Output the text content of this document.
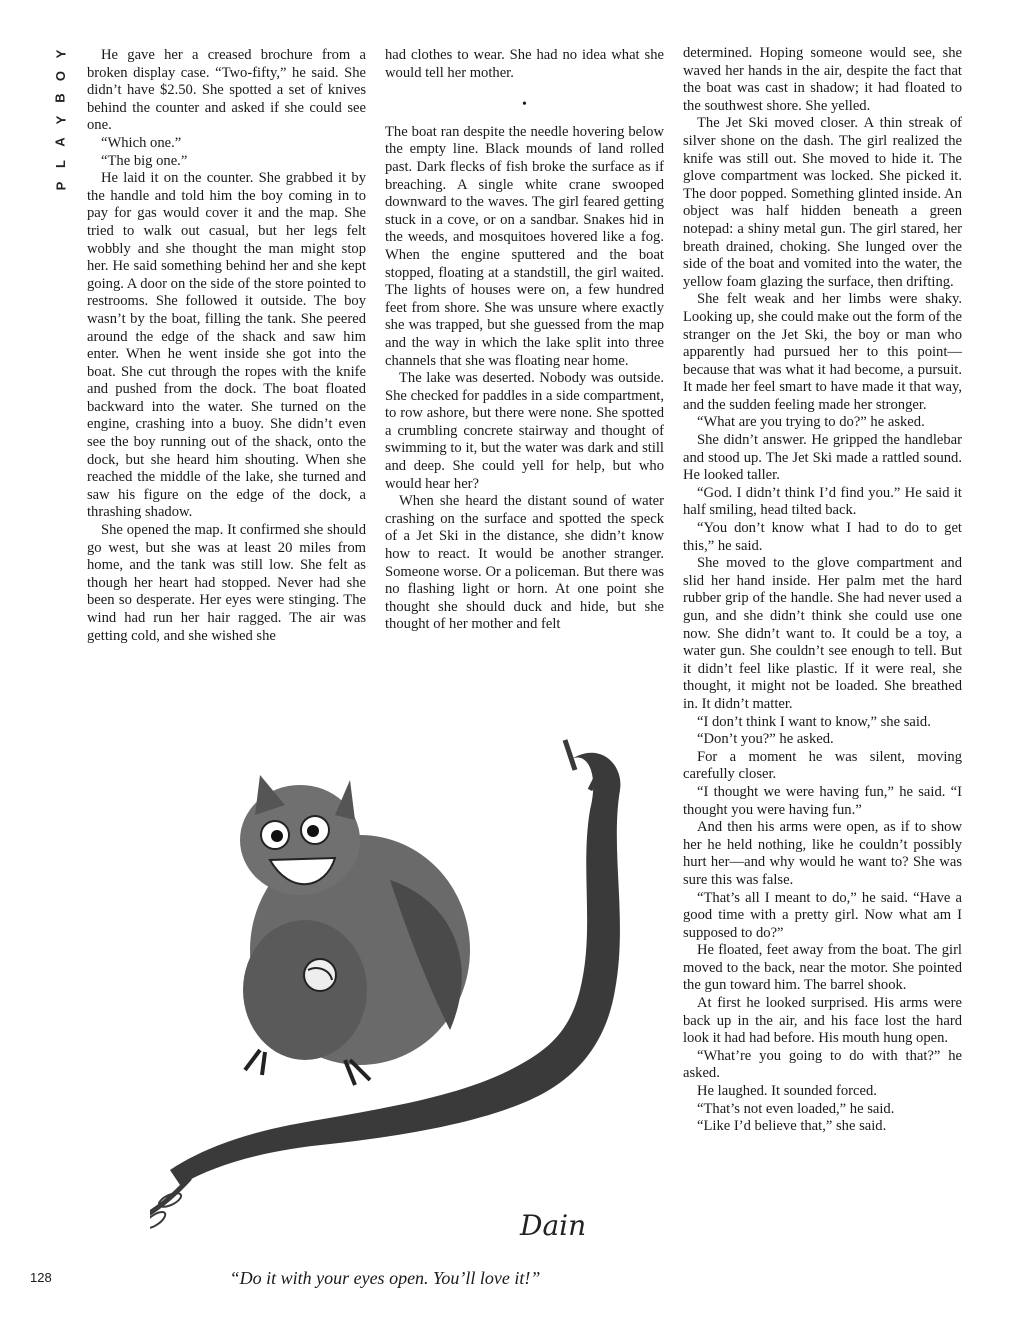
Y
O
B
Y
A
L
P

He gave her a creased brochure from a broken display case. “Two-fifty,” he said. She didn’t have $2.50. She spotted a set of knives behind the counter and asked if she could see one.

“Which one.”

“The big one.”

He laid it on the counter. She grabbed it by the handle and told him the boy coming in to pay for gas would cover it and the map. She tried to walk out casual, but her legs felt wobbly and she thought the man might stop her. He said something behind her and she kept going. A door on the side of the store pointed to restrooms. She followed it outside. The boy wasn’t by the boat, filling the tank. She peered around the edge of the shack and saw him enter. When he went inside she got into the boat. She cut through the ropes with the knife and pushed from the dock. The boat floated backward into the water. She turned on the engine, crashing into a buoy. She didn’t even see the boy running out of the shack, onto the dock, but she heard him shouting. When she reached the middle of the lake, she turned and saw his figure on the edge of the dock, a thrashing shadow.

She opened the map. It confirmed she should go west, but she was at least 20 miles from home, and the tank was still low. She felt as though her heart had stopped. Never had she been so desperate. Her eyes were stinging. The wind had run her hair ragged. The air was getting cold, and she wished she

had clothes to wear. She had no idea what she would tell her mother.

•

The boat ran despite the needle hovering below the empty line. Black mounds of land rolled past. Dark flecks of fish broke the surface as if breaching. A single white crane swooped downward to the waves. The girl feared getting stuck in a cove, or on a sandbar. Snakes hid in the weeds, and mosquitoes hovered like a fog. When the engine sputtered and the boat stopped, floating at a standstill, the girl waited. The lights of houses were on, a few hundred feet from shore. She was unsure where exactly she was trapped, but she guessed from the map and the way in which the lake split into three channels that she was floating near home.

The lake was deserted. Nobody was outside. She checked for paddles in a side compartment, to row ashore, but there were none. She spotted a crumbling concrete stairway and thought of swimming to it, but the water was dark and still and deep. She could yell for help, but who would hear her?

When she heard the distant sound of water crashing on the surface and spotted the speck of a Jet Ski in the distance, she didn’t know how to react. It would be another stranger. Someone worse. Or a policeman. But there was no flashing light or horn. At one point she thought she should duck and hide, but she thought of her mother and felt

determined. Hoping someone would see, she waved her hands in the air, despite the fact that the boat was cast in shadow; it had floated to the southwest shore. She yelled.

The Jet Ski moved closer. A thin streak of silver shone on the dash. The girl realized the knife was still out. She moved to hide it. The glove compartment was locked. She picked it. The door popped. Something glinted inside. An object was half hidden beneath a green notepad: a shiny metal gun. The girl stared, her breath drained, choking. She lunged over the side of the boat and vomited into the water, the yellow foam glazing the surface, then drifting.

She felt weak and her limbs were shaky. Looking up, she could make out the form of the stranger on the Jet Ski, the boy or man who apparently had pursued her to this point—because that was what it had become, a pursuit. It made her feel smart to have made it that way, and the sudden feeling made her stronger.

“What are you trying to do?” he asked.

She didn’t answer. He gripped the handlebar and stood up. The Jet Ski made a rattled sound. He looked taller.

“God. I didn’t think I’d find you.” He said it half smiling, head tilted back.

“You don’t know what I had to do to get this,” he said.

She moved to the glove compartment and slid her hand inside. Her palm met the hard rubber grip of the handle. She had never used a gun, and she didn’t think she could use one now. She didn’t want to. It could be a toy, a water gun. She couldn’t see enough to tell. But it didn’t feel like plastic. If it were real, she thought, it might not be loaded. She breathed in. It didn’t matter.

“I don’t think I want to know,” she said.

“Don’t you?” he asked.

For a moment he was silent, moving carefully closer.

“I thought we were having fun,” he said. “I thought you were having fun.”

And then his arms were open, as if to show her he held nothing, like he couldn’t possibly hurt her—and why would he want to? She was sure this was false.

“That’s all I meant to do,” he said. “Have a good time with a pretty girl. Now what am I supposed to do?”

He floated, feet away from the boat. The girl moved to the back, near the motor. She pointed the gun toward him. The barrel shook.

At first he looked surprised. His arms were back up in the air, and his face lost the hard look it had had before. His mouth hung open.

“What’re you going to do with that?” he asked.

He laughed. It sounded forced.

“That’s not even loaded,” he said.

“Like I’d believe that,” she said.

Dain
“Do it with your eyes open. You’ll love it!”
128
